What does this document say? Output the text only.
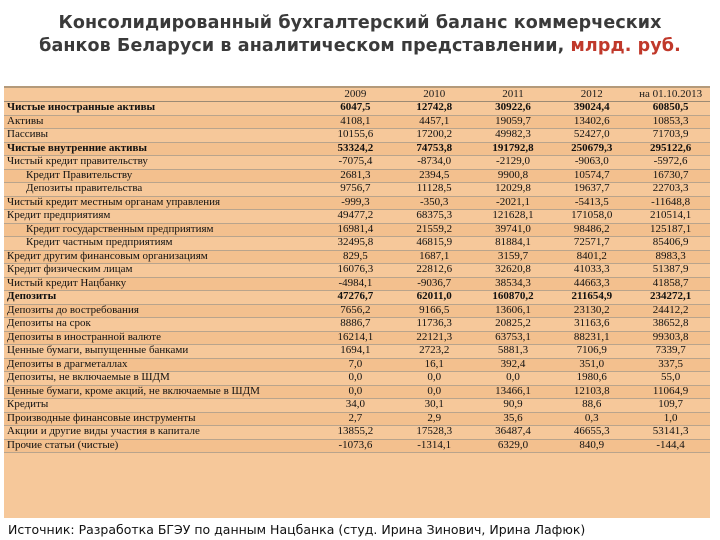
Консолидированный бухгалтерский баланс коммерческих
банков Беларуси в аналитическом представлении, млрд. руб.
	2009	2010	2011	2012	на 01.10.2013
Чистые иностранные активы	6047,5	12742,8	30922,6	39024,4	60850,5
Активы	4108,1	4457,1	19059,7	13402,6	10853,3
Пассивы	10155,6	17200,2	49982,3	52427,0	71703,9
Чистые внутренние активы	53324,2	74753,8	191792,8	250679,3	295122,6
Чистый кредит правительству	-7075,4	-8734,0	-2129,0	-9063,0	-5972,6
Кредит Правительству	2681,3	2394,5	9900,8	10574,7	16730,7
Депозиты правительства	9756,7	11128,5	12029,8	19637,7	22703,3
Чистый кредит местным органам управления	-999,3	-350,3	-2021,1	-5413,5	-11648,8
Кредит предприятиям	49477,2	68375,3	121628,1	171058,0	210514,1
Кредит государственным предприятиям	16981,4	21559,2	39741,0	98486,2	125187,1
Кредит частным предприятиям	32495,8	46815,9	81884,1	72571,7	85406,9
Кредит другим финансовым организациям	829,5	1687,1	3159,7	8401,2	8983,3
Кредит физическим лицам	16076,3	22812,6	32620,8	41033,3	51387,9
Чистый кредит Нацбанку	-4984,1	-9036,7	38534,3	44663,3	41858,7
Депозиты	47276,7	62011,0	160870,2	211654,9	234272,1
Депозиты до востребования	7656,2	9166,5	13606,1	23130,2	24412,2
Депозиты на срок	8886,7	11736,3	20825,2	31163,6	38652,8
Депозиты в иностранной валюте	16214,1	22121,3	63753,1	88231,1	99303,8
Ценные бумаги, выпущенные банками	1694,1	2723,2	5881,3	7106,9	7339,7
Депозиты в драгметаллах	7,0	16,1	392,4	351,0	337,5
Депозиты, не включаемые в ШДМ	0,0	0,0	0,0	1980,6	55,0
Ценные бумаги, кроме акций, не включаемые в ШДМ	0,0	0,0	13466,1	12103,8	11064,9
Кредиты	34,0	30,1	90,9	88,6	109,7
Производные финансовые инструменты	2,7	2,9	35,6	0,3	1,0
Акции и другие виды участия в капитале	13855,2	17528,3	36487,4	46655,3	53141,3
Прочие статьи (чистые)	-1073,6	-1314,1	6329,0	840,9	-144,4
Источник: Разработка БГЭУ по данным Нацбанка (студ. Ирина Зинович, Ирина Лафюк)
